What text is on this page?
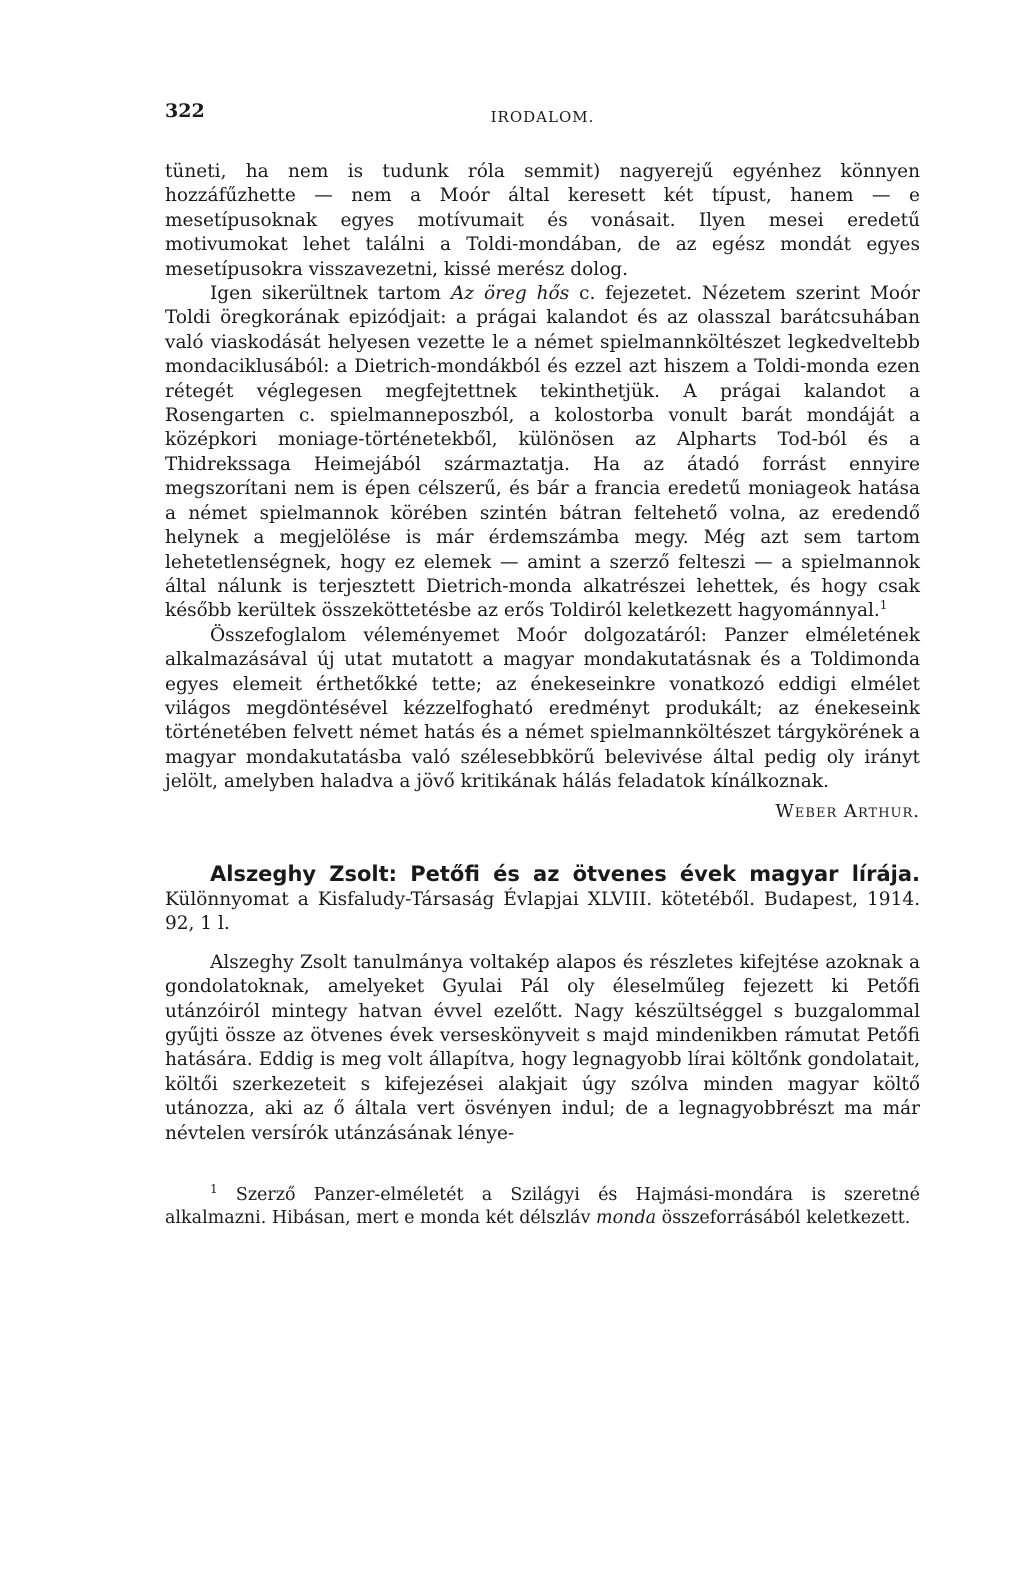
322	IRODALOM.

tüneti, ha nem is tudunk róla semmit) nagyerejű egyénhez könnyen hozzáfűzhette — nem a Moór által keresett két típust, hanem — e mesetípusoknak egyes motívumait és vonásait. Ilyen mesei eredetű motivumokat lehet találni a Toldi-mondában, de az egész mondát egyes mesetípusokra visszavezetni, kissé merész dolog.

Igen sikerültnek tartom Az öreg hős c. fejezetet. Nézetem szerint Moór Toldi öregkorának epizódjait: a prágai kalandot és az olasszal barátcsuhában való viaskodását helyesen vezette le a német spielmannköltészet legkedveltebb mondaciklusából: a Dietrich-mondákból és ezzel azt hiszem a Toldi-monda ezen rétegét véglegesen megfejtettnek tekinthetjük. A prágai kalandot a Rosengarten c. spielmanneposzból, a kolostorba vonult barát mondáját a középkori moniage-történetekből, különösen az Alpharts Tod-ból és a Thidrekssaga Heimejából származtatja. Ha az átadó forrást ennyire megszorítani nem is épen célszerű, és bár a francia eredetű moniageok hatása a német spielmannok körében szintén bátran feltehető volna, az eredendő helynek a megjelölése is már érdemszámba megy. Még azt sem tartom lehetetlenségnek, hogy ez elemek — amint a szerző felteszi — a spielmannok által nálunk is terjesztett Dietrich-monda alkatrészei lehettek, és hogy csak később kerültek összeköttetésbe az erős Toldiról keletkezett hagyománnyal.$^1$

Összefoglalom véleményemet Moór dolgozatáról: Panzer elméletének alkalmazásával új utat mutatott a magyar mondakutatásnak és a Toldimonda egyes elemeit érthetőkké tette; az énekeseinkre vonatkozó eddigi elmélet világos megdöntésével kézzelfogható eredményt produkált; az énekeseink történetében felvett német hatás és a német spielmannköltészet tárgykörének a magyar mondakutatásba való szélesebbkörű belevivése által pedig oly irányt jelölt, amelyben haladva a jövő kritikának hálás feladatok kínálkoznak.

Weber Arthur.

Alszeghy Zsolt: Petőfi és az ötvenes évek magyar lírája. Különnyomat a Kisfaludy-Társaság Évlapjai XLVIII. kötetéből. Budapest, 1914. 92, 1 l.

Alszeghy Zsolt tanulmánya voltakép alapos és részletes kifejtése azoknak a gondolatoknak, amelyeket Gyulai Pál oly éleselműleg fejezett ki Petőfi utánzóiról mintegy hatvan évvel ezelőtt. Nagy készültséggel s buzgalommal gyűjti össze az ötvenes évek verseskönyveit s majd mindenikben rámutat Petőfi hatására. Eddig is meg volt állapítva, hogy legnagyobb lírai költőnk gondolatait, költői szerkezeteit s kifejezései alakjait úgy szólva minden magyar költő utánozza, aki az ő általa vert ösvényen indul; de a legnagyobbrészt ma már névtelen versírók utánzásának lénye-

$^1$ Szerző Panzer-elméletét a Szilágyi és Hajmási-mondára is szeretné alkalmazni. Hibásan, mert e monda két délszláv monda összeforrásából keletkezett.
